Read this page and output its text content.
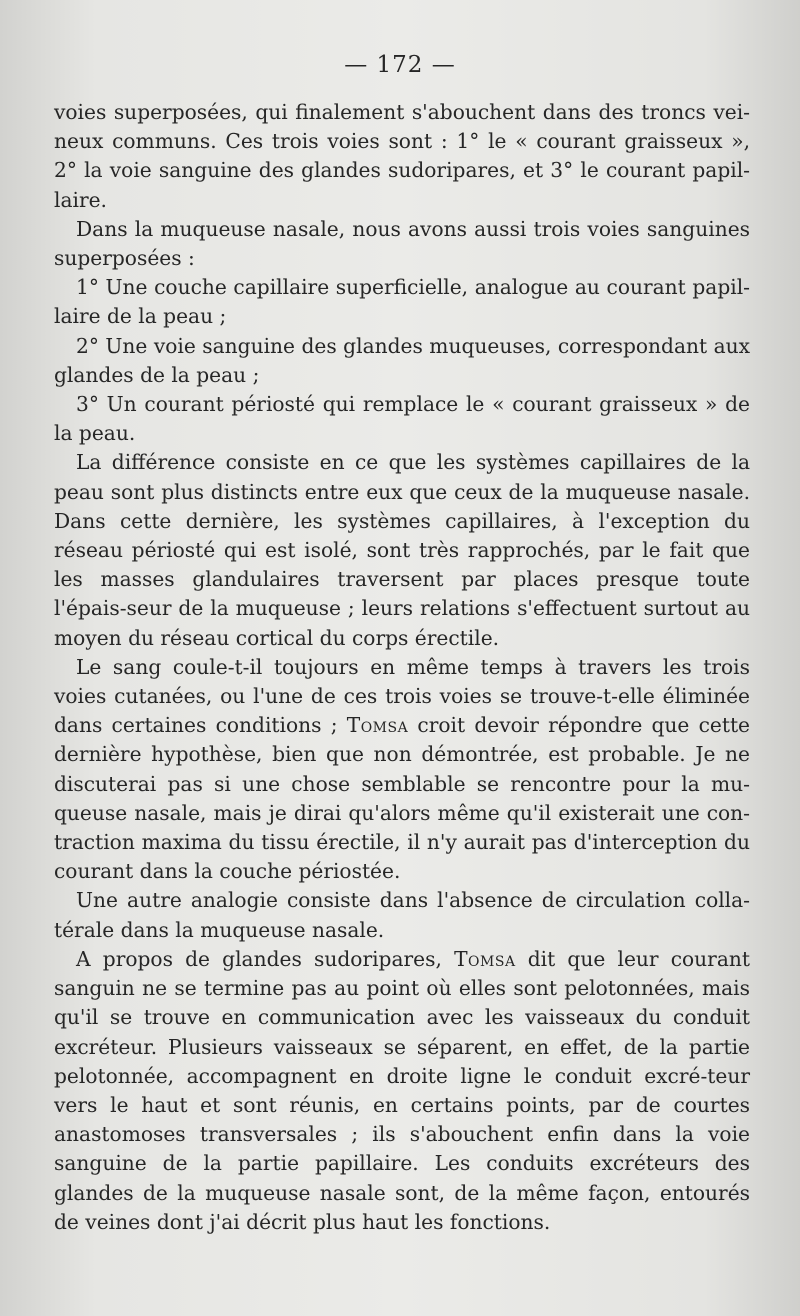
— 172 —

voies superposées, qui finalement s'abouchent dans des troncs vei-neux communs. Ces trois voies sont : 1° le « courant graisseux », 2° la voie sanguine des glandes sudoripares, et 3° le courant papil-laire.

Dans la muqueuse nasale, nous avons aussi trois voies sanguines superposées :

1° Une couche capillaire superficielle, analogue au courant papil-laire de la peau ;

2° Une voie sanguine des glandes muqueuses, correspondant aux glandes de la peau ;

3° Un courant périosté qui remplace le « courant graisseux » de la peau.

La différence consiste en ce que les systèmes capillaires de la peau sont plus distincts entre eux que ceux de la muqueuse nasale. Dans cette dernière, les systèmes capillaires, à l'exception du réseau périosté qui est isolé, sont très rapprochés, par le fait que les masses glandulaires traversent par places presque toute l'épais-seur de la muqueuse ; leurs relations s'effectuent surtout au moyen du réseau cortical du corps érectile.

Le sang coule-t-il toujours en même temps à travers les trois voies cutanées, ou l'une de ces trois voies se trouve-t-elle éliminée dans certaines conditions ; Tomsa croit devoir répondre que cette dernière hypothèse, bien que non démontrée, est probable. Je ne discuterai pas si une chose semblable se rencontre pour la mu-queuse nasale, mais je dirai qu'alors même qu'il existerait une con-traction maxima du tissu érectile, il n'y aurait pas d'interception du courant dans la couche périostée.

Une autre analogie consiste dans l'absence de circulation colla-térale dans la muqueuse nasale.

A propos de glandes sudoripares, Tomsa dit que leur courant sanguin ne se termine pas au point où elles sont pelotonnées, mais qu'il se trouve en communication avec les vaisseaux du conduit excréteur. Plusieurs vaisseaux se séparent, en effet, de la partie pelotonnée, accompagnent en droite ligne le conduit excré-teur vers le haut et sont réunis, en certains points, par de courtes anastomoses transversales ; ils s'abouchent enfin dans la voie sanguine de la partie papillaire. Les conduits excréteurs des glandes de la muqueuse nasale sont, de la même façon, entourés de veines dont j'ai décrit plus haut les fonctions.
